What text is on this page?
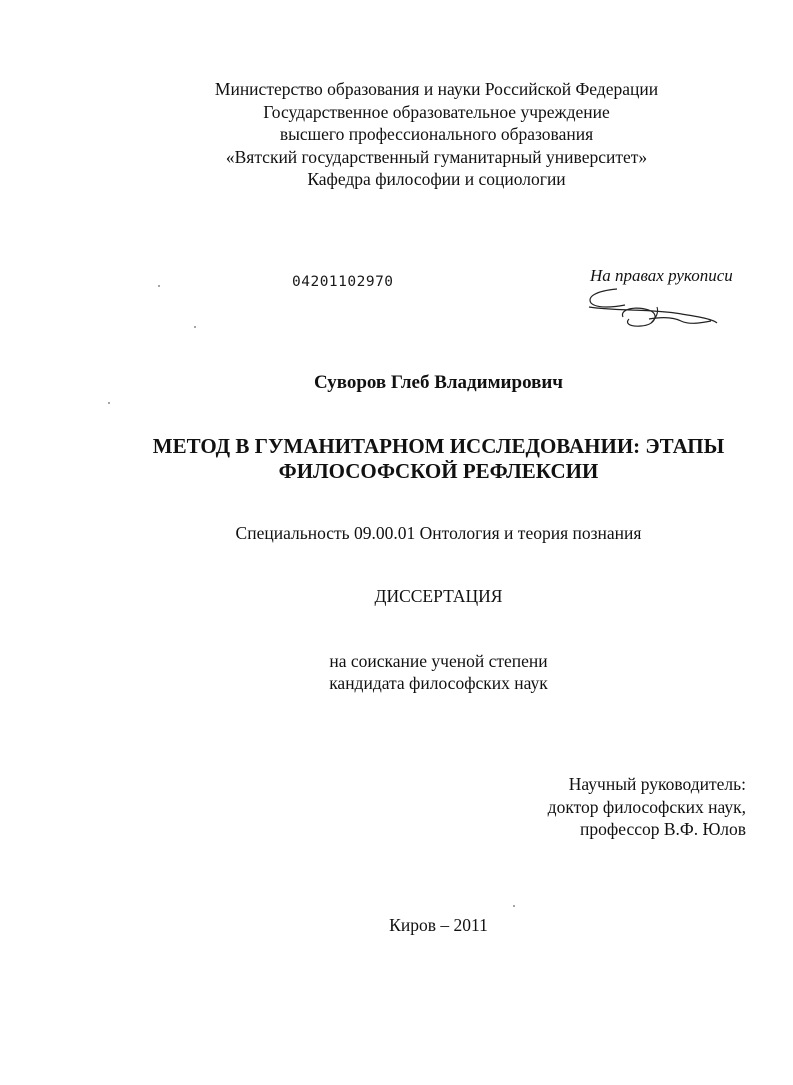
Министерство образования и науки Российской Федерации
Государственное образовательное учреждение
высшего профессионального образования
«Вятский государственный гуманитарный университет»
Кафедра философии и социологии
04201102970	На правах рукописи
Суворов Глеб Владимирович
МЕТОД В ГУМАНИТАРНОМ ИССЛЕДОВАНИИ: ЭТАПЫ
ФИЛОСОФСКОЙ РЕФЛЕКСИИ
Специальность 09.00.01 Онтология и теория познания
ДИССЕРТАЦИЯ
на соискание ученой степени
кандидата философских наук
Научный руководитель:
доктор философских наук,
профессор В.Ф. Юлов
Киров – 2011
